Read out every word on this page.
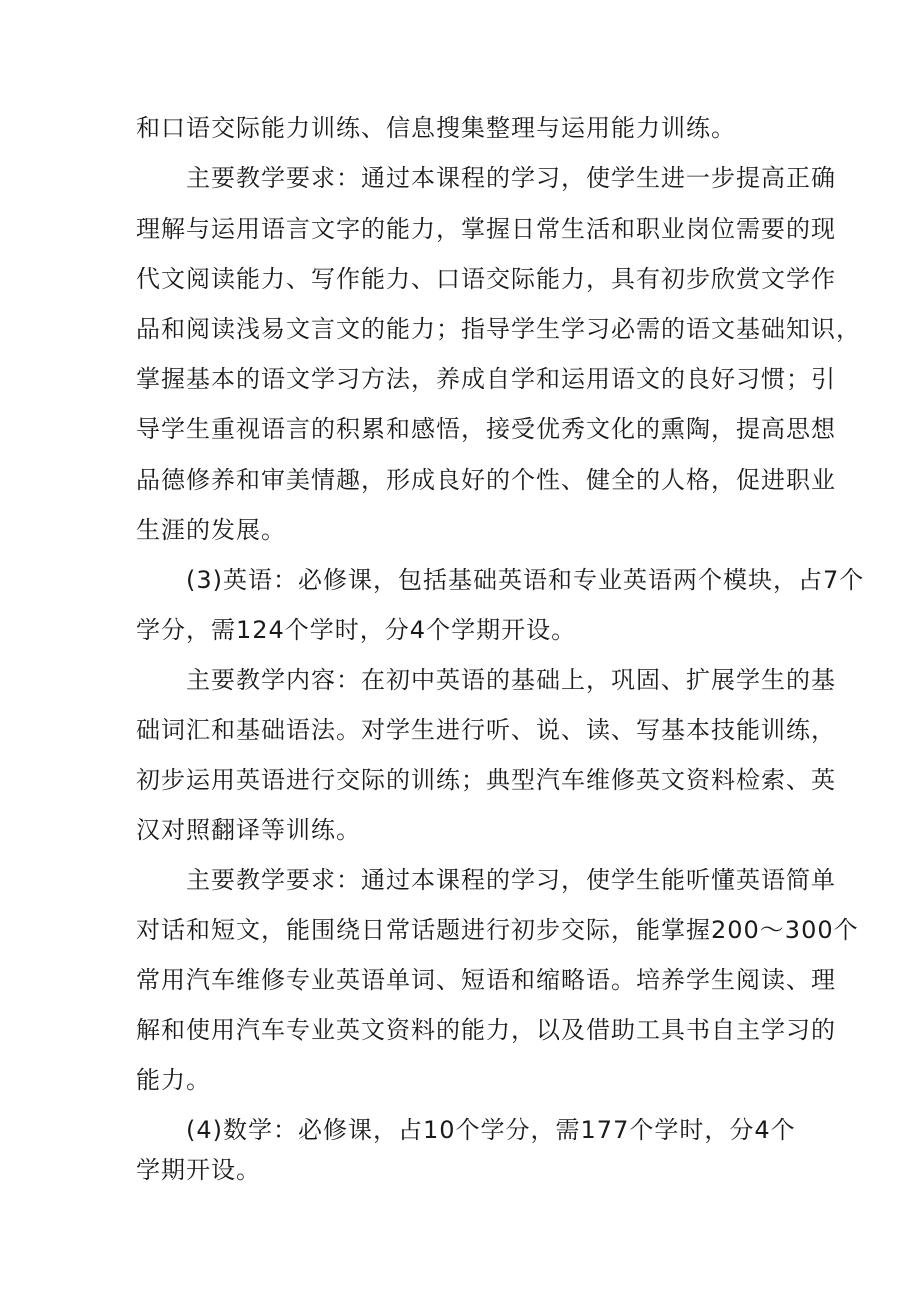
和口语交际能力训练、信息搜集整理与运用能力训练。
主要教学要求：通过本课程的学习，使学生进一步提高正确
理解与运用语言文字的能力，掌握日常生活和职业岗位需要的现
代文阅读能力、写作能力、口语交际能力，具有初步欣赏文学作
品和阅读浅易文言文的能力；指导学生学习必需的语文基础知识，
掌握基本的语文学习方法，养成自学和运用语文的良好习惯；引
导学生重视语言的积累和感悟，接受优秀文化的熏陶，提高思想
品德修养和审美情趣，形成良好的个性、健全的人格，促进职业
生涯的发展。
(3)英语：必修课，包括基础英语和专业英语两个模块，占7个
学分，需124个学时，分4个学期开设。
主要教学内容：在初中英语的基础上，巩固、扩展学生的基
础词汇和基础语法。对学生进行听、说、读、写基本技能训练，
初步运用英语进行交际的训练；典型汽车维修英文资料检索、英
汉对照翻译等训练。
主要教学要求：通过本课程的学习，使学生能听懂英语简单
对话和短文，能围绕日常话题进行初步交际，能掌握200～300个
常用汽车维修专业英语单词、短语和缩略语。培养学生阅读、理
解和使用汽车专业英文资料的能力，以及借助工具书自主学习的
能力。
(4)数学：必修课，占10个学分，需177个学时，分4个
学期开设。
